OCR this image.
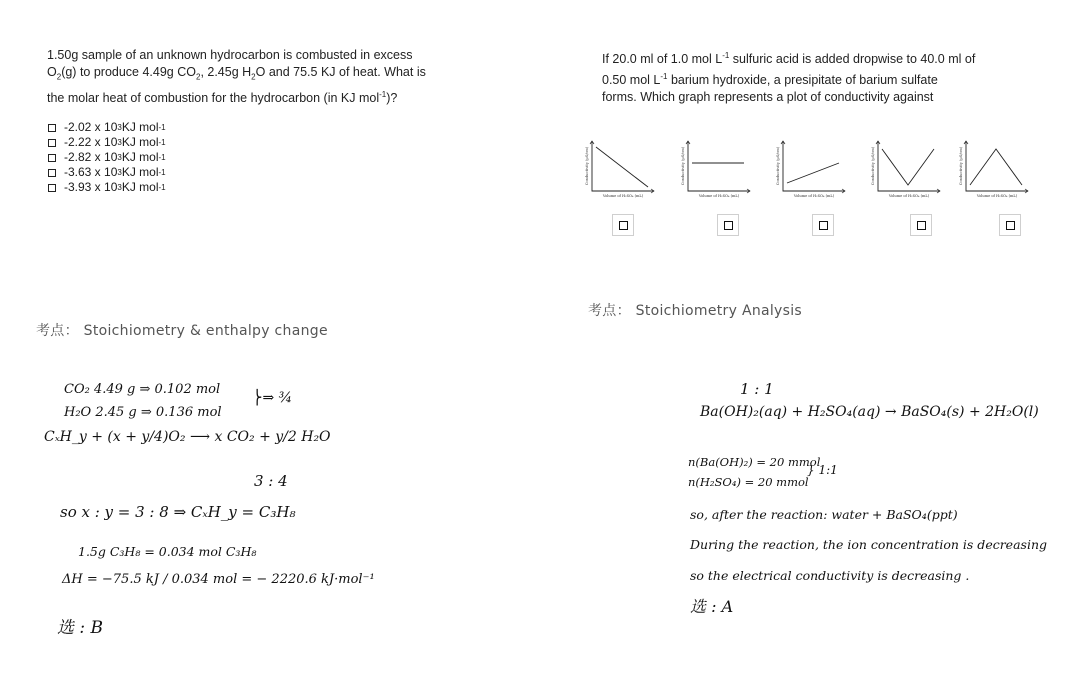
1.50g sample of an unknown hydrocarbon is combusted in excess
$O_2(g)$ to produce 4.49g $CO_2$, 2.45g $H_2O$ and 75.5 KJ of heat. What is
the molar heat of combustion for the hydrocarbon (in KJ mol$^{-1}$)?
-2.02 x 10 3 KJ mol -1
-2.22 x 10 3 KJ mol -1
-2.82 x 10 3 KJ mol -1
-3.63 x 10 3 KJ mol -1
-3.93 x 10 3 KJ mol -1
If 20.0 ml of 1.0 mol $L^{-1}$ sulfuric acid is added dropwise to 40.0 ml of
0.50 mol $L^{-1}$ barium hydroxide, a presipitate of barium sulfate
forms. Which graph represents a plot of conductivity against
Volume of H₂SO₄ (mL)
Conductivity (μS/cm)
Volume of H₂SO₄ (mL)
Conductivity (μS/cm)
Volume of H₂SO₄ (mL)
Conductivity (μS/cm)
Volume of H₂SO₄ (mL)
Conductivity (μS/cm)
Volume of H₂SO₄ (mL)
Conductivity (μS/cm)
考点： Stoichiometry & enthalpy change
CO₂ 4.49 g ⇒ 0.102 mol
H₂O 2.45 g ⇒ 0.136 mol
⎬⇒ ¾
CₓH_y + (x + y/4)O₂ ⟶ x CO₂ + y/2 H₂O
3 : 4
so x : y = 3 : 8 ⇒ CₓH_y = C₃H₈
1.5g C₃H₈ = 0.034 mol C₃H₈
ΔH = −75.5 kJ / 0.034 mol = − 2220.6 kJ·mol⁻¹
选 : B
考点： Stoichiometry Analysis
1 : 1
Ba(OH)₂(aq) + H₂SO₄(aq) → BaSO₄(s) + 2H₂O(l)
n(Ba(OH)₂) = 20 mmol
n(H₂SO₄) = 20 mmol
} 1:1
so, after the reaction: water + BaSO₄(ppt)
During the reaction, the ion concentration is decreasing
so the electrical conductivity is decreasing .
选 : A
